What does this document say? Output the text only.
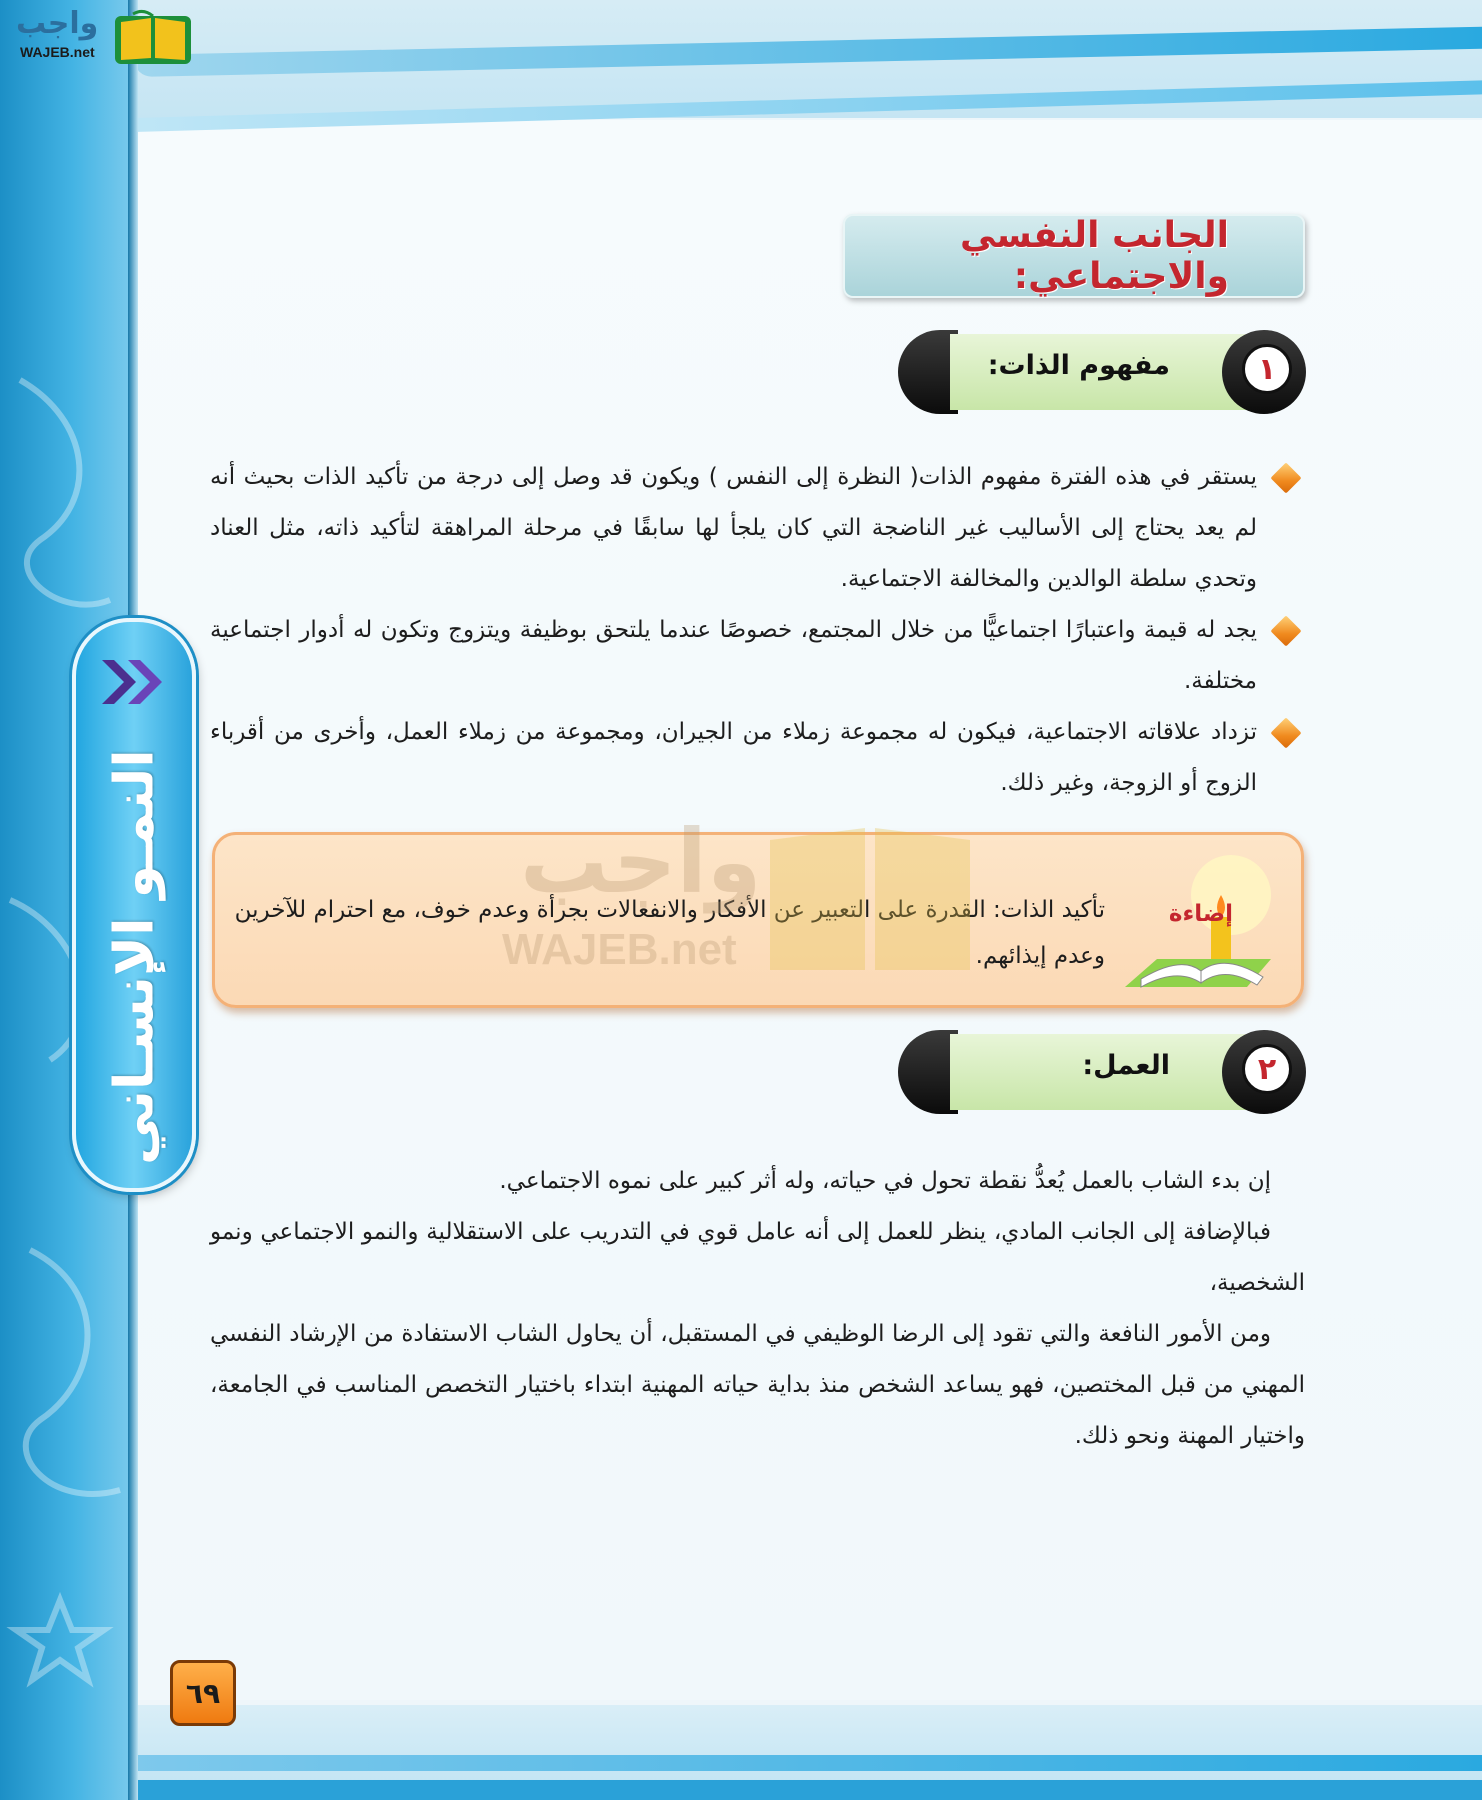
واجب
WAJEB.net
النمـو الإنسـاني
الجانب النفسي والاجتماعي:
١
مفهوم الذات:
يستقر في هذه الفترة مفهوم الذات( النظرة إلى النفس ) ويكون قد وصل إلى درجة من تأكيد الذات بحيث أنه لم يعد يحتاج إلى الأساليب غير الناضجة التي كان يلجأ لها سابقًا في مرحلة المراهقة لتأكيد ذاته، مثل العناد وتحدي سلطة الوالدين والمخالفة الاجتماعية.
يجد له قيمة واعتبارًا اجتماعيًّا من خلال المجتمع، خصوصًا عندما يلتحق بوظيفة ويتزوج وتكون له أدوار اجتماعية مختلفة.
تزداد علاقاته الاجتماعية، فيكون له مجموعة زملاء من الجيران، ومجموعة من زملاء العمل، وأخرى من أقرباء الزوج أو الزوجة، وغير ذلك.
إضاءة
تأكيد الذات: القدرة على التعبير عن الأفكار والانفعالات بجرأة وعدم خوف، مع احترام للآخرين وعدم إيذائهم.
واجب
WAJEB.net
٢
العمل:
إن بدء الشاب بالعمل يُعدُّ نقطة تحول في حياته، وله أثر كبير على نموه الاجتماعي.
فبالإضافة إلى الجانب المادي، ينظر للعمل إلى أنه عامل قوي في التدريب على الاستقلالية والنمو الاجتماعي ونمو الشخصية،
ومن الأمور النافعة والتي تقود إلى الرضا الوظيفي في المستقبل، أن يحاول الشاب الاستفادة من الإرشاد النفسي المهني من قبل المختصين، فهو يساعد الشخص منذ بداية حياته المهنية ابتداء باختيار التخصص المناسب في الجامعة، واختيار المهنة ونحو ذلك.
٦٩
